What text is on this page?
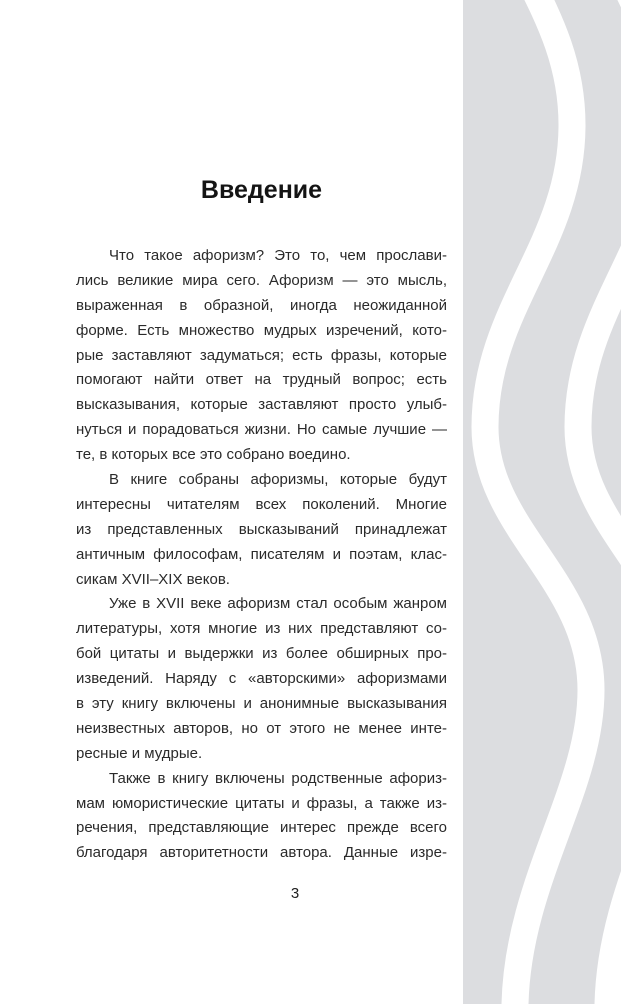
Введение
Что такое афоризм? Это то, чем прослави-
лись великие мира сего. Афоризм — это мысль,
выраженная в образной, иногда неожиданной
форме. Есть множество мудрых изречений, кото-
рые заставляют задуматься; есть фразы, которые
помогают найти ответ на трудный вопрос; есть
высказывания, которые заставляют просто улыб-
нуться и порадоваться жизни. Но самые лучшие —
те, в которых все это собрано воедино.
В книге собраны афоризмы, которые будут
интересны читателям всех поколений. Многие
из представленных высказываний принадлежат
античным философам, писателям и поэтам, клас-
сикам XVII–XIX веков.
Уже в XVII веке афоризм стал особым жанром
литературы, хотя многие из них представляют со-
бой цитаты и выдержки из более обширных про-
изведений. Наряду с «авторскими» афоризмами
в эту книгу включены и анонимные высказывания
неизвестных авторов, но от этого не менее инте-
ресные и мудрые.
Также в книгу включены родственные афориз-
мам юмористические цитаты и фразы, а также из-
речения, представляющие интерес прежде всего
благодаря авторитетности автора. Данные изре-
3
